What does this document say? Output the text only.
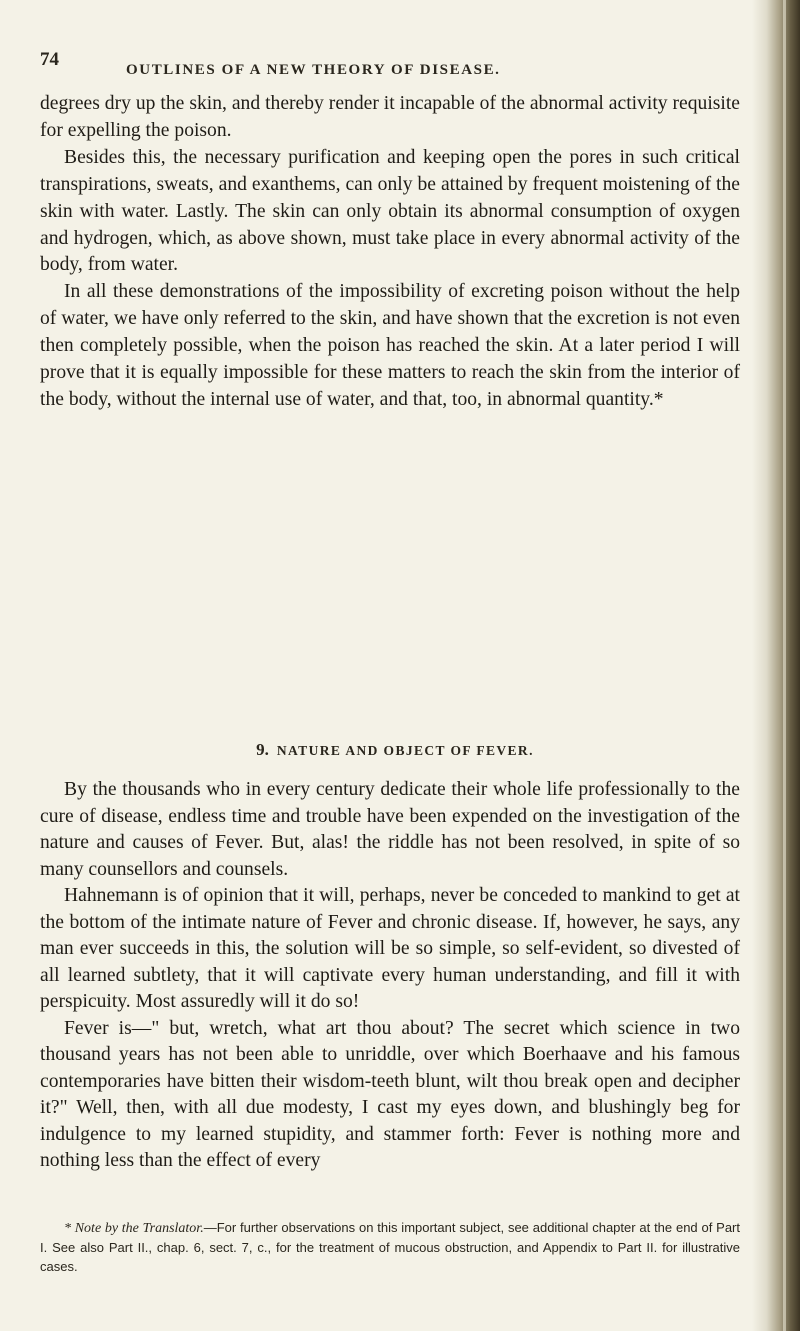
74	OUTLINES OF A NEW THEORY OF DISEASE.

degrees dry up the skin, and thereby render it incapable of the abnormal activity requisite for expelling the poison.

Besides this, the necessary purification and keeping open the pores in such critical transpirations, sweats, and exanthems, can only be attained by frequent moistening of the skin with water. Lastly. The skin can only obtain its abnormal consumption of oxygen and hydrogen, which, as above shown, must take place in every abnormal activity of the body, from water.

In all these demonstrations of the impossibility of excreting poison without the help of water, we have only referred to the skin, and have shown that the excretion is not even then completely possible, when the poison has reached the skin. At a later period I will prove that it is equally impossible for these matters to reach the skin from the interior of the body, without the internal use of water, and that, too, in abnormal quantity.*

9. NATURE AND OBJECT OF FEVER.

By the thousands who in every century dedicate their whole life professionally to the cure of disease, endless time and trouble have been expended on the investigation of the nature and causes of Fever. But, alas! the riddle has not been resolved, in spite of so many counsellors and counsels.

Hahnemann is of opinion that it will, perhaps, never be conceded to mankind to get at the bottom of the intimate nature of Fever and chronic disease. If, however, he says, any man ever succeeds in this, the solution will be so simple, so self-evident, so divested of all learned subtlety, that it will captivate every human understanding, and fill it with perspicuity. Most assuredly will it do so!

Fever is—" but, wretch, what art thou about? The secret which science in two thousand years has not been able to unriddle, over which Boerhaave and his famous contemporaries have bitten their wisdom-teeth blunt, wilt thou break open and decipher it?" Well, then, with all due modesty, I cast my eyes down, and blushingly beg for indulgence to my learned stupidity, and stammer forth: Fever is nothing more and nothing less than the effect of every

* Note by the Translator.—For further observations on this important subject, see additional chapter at the end of Part I. See also Part II., chap. 6, sect. 7, c., for the treatment of mucous obstruction, and Appendix to Part II. for illustrative cases.
